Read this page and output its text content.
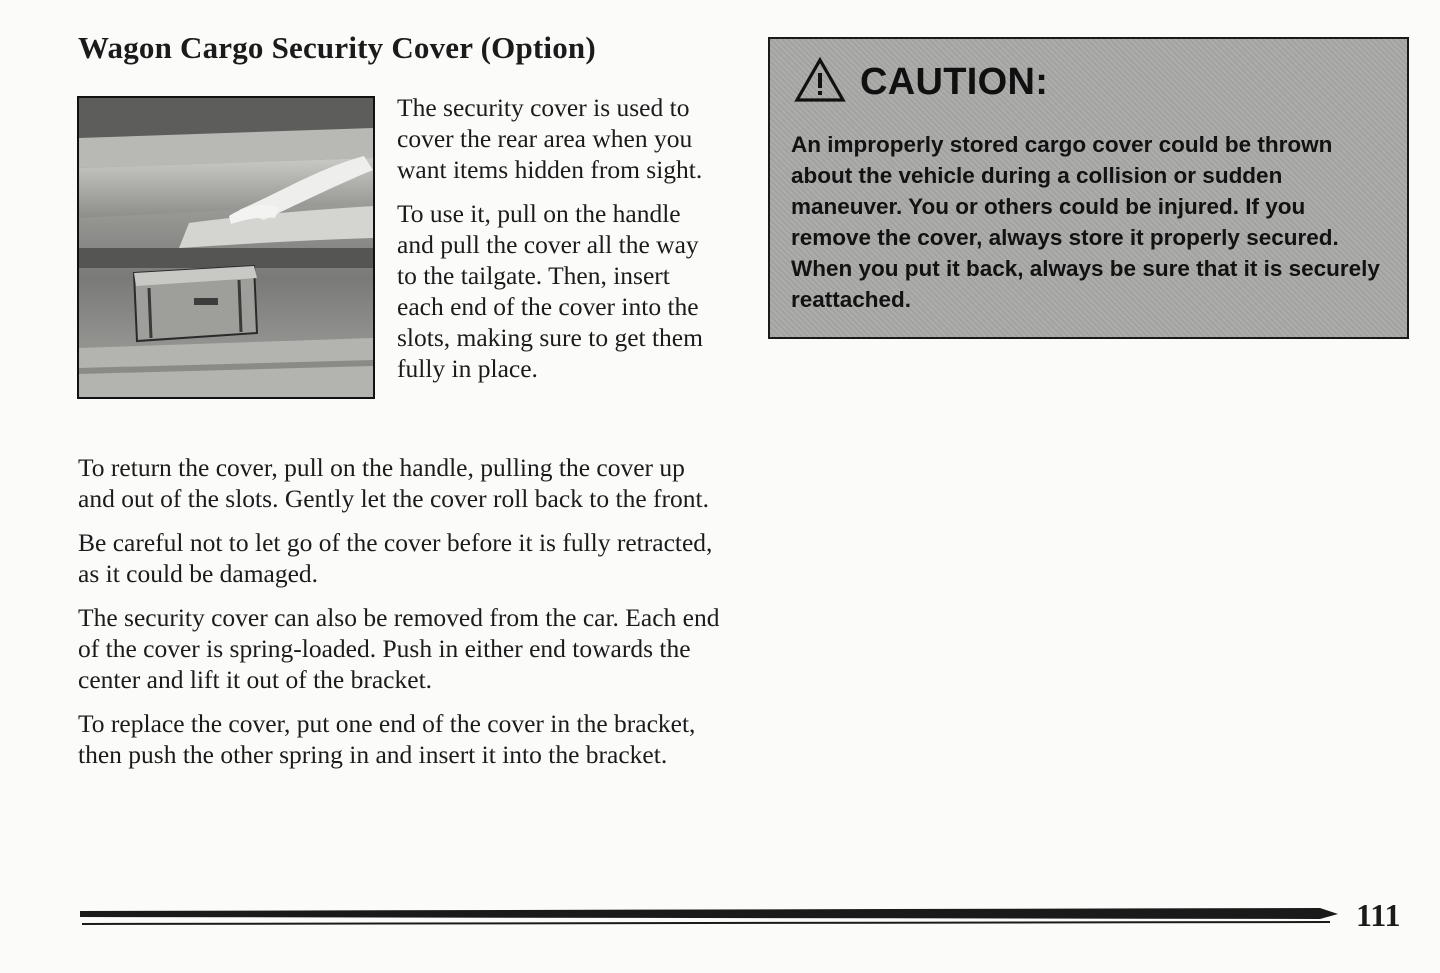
Wagon Cargo Security Cover (Option)

The security cover is used to cover the rear area when you want items hidden from sight.

To use it, pull on the handle and pull the cover all the way to the tailgate. Then, insert each end of the cover into the slots, making sure to get them fully in place.

To return the cover, pull on the handle, pulling the cover up and out of the slots. Gently let the cover roll back to the front.

Be careful not to let go of the cover before it is fully retracted, as it could be damaged.

The security cover can also be removed from the car. Each end of the cover is spring-loaded. Push in either end towards the center and lift it out of the bracket.

To replace the cover, put one end of the cover in the bracket, then push the other spring in and insert it into the bracket.

CAUTION:

An improperly stored cargo cover could be thrown about the vehicle during a collision or sudden maneuver. You or others could be injured. If you remove the cover, always store it properly secured. When you put it back, always be sure that it is securely reattached.

111
